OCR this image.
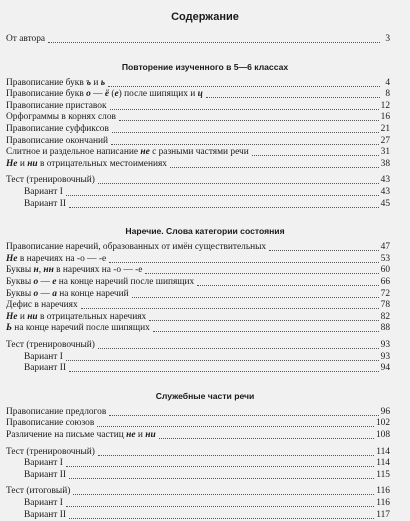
Содержание
От автора	3
Повторение изученного в 5—6 классах
Правописание букв ъ и ь	4
Правописание букв о — ё (е) после шипящих и ц	8
Правописание приставок	12
Орфограммы в корнях слов	16
Правописание суффиксов	21
Правописание окончаний	27
Слитное и раздельное написание не с разными частями речи	31
Не и ни в отрицательных местоимениях	38
Тест (тренировочный)	43
Вариант I	43
Вариант II	45
Наречие. Слова категории состояния
Правописание наречий, образованных от имён существительных	47
Не в наречиях на -о — -е	53
Буквы н, нн в наречиях на -о — -е	60
Буквы о — е на конце наречий после шипящих	66
Буквы о — а на конце наречий	72
Дефис в наречиях	78
Не и ни в отрицательных наречиях	82
Ь на конце наречий после шипящих	88
Тест (тренировочный)	93
Вариант I	93
Вариант II	94
Служебные части речи
Правописание предлогов	96
Правописание союзов	102
Различение на письме частиц не и ни	108
Тест (тренировочный)	114
Вариант I	114
Вариант II	115
Тест (итоговый)	116
Вариант I	116
Вариант II	117
